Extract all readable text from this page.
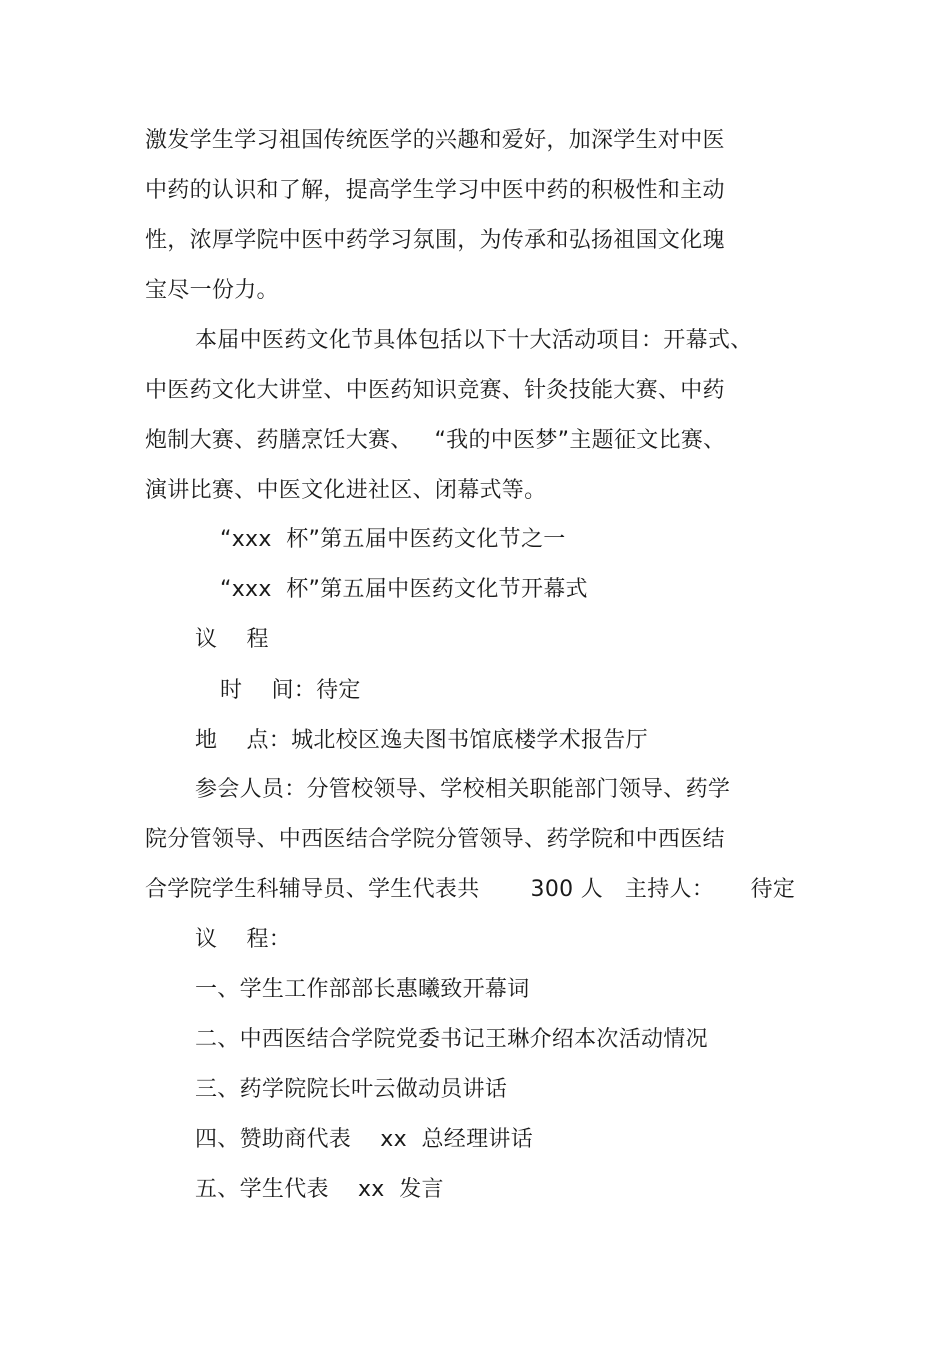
激发学生学习祖国传统医学的兴趣和爱好，加深学生对中医
中药的认识和了解，提高学生学习中医中药的积极性和主动
性，浓厚学院中医中药学习氛围，为传承和弘扬祖国文化瑰
宝尽一份力。
本届中医药文化节具体包括以下十大活动项目：开幕式、
中医药文化大讲堂、中医药知识竞赛、针灸技能大赛、中药
炮制大赛、药膳烹饪大赛、   “我的中医梦”主题征文比赛、
演讲比赛、中医文化进社区、闭幕式等。
“xxx  杯”第五届中医药文化节之一
“xxx  杯”第五届中医药文化节开幕式
议    程
时    间：待定
地    点：城北校区逸夫图书馆底楼学术报告厅
参会人员：分管校领导、学校相关职能部门领导、药学
院分管领导、中西医结合学院分管领导、药学院和中西医结
合学院学生科辅导员、学生代表共       300 人   主持人：     待定
议    程：
一、学生工作部部长惠曦致开幕词
二、中西医结合学院党委书记王琳介绍本次活动情况
三、药学院院长叶云做动员讲话
四、赞助商代表    xx  总经理讲话
五、学生代表    xx  发言
